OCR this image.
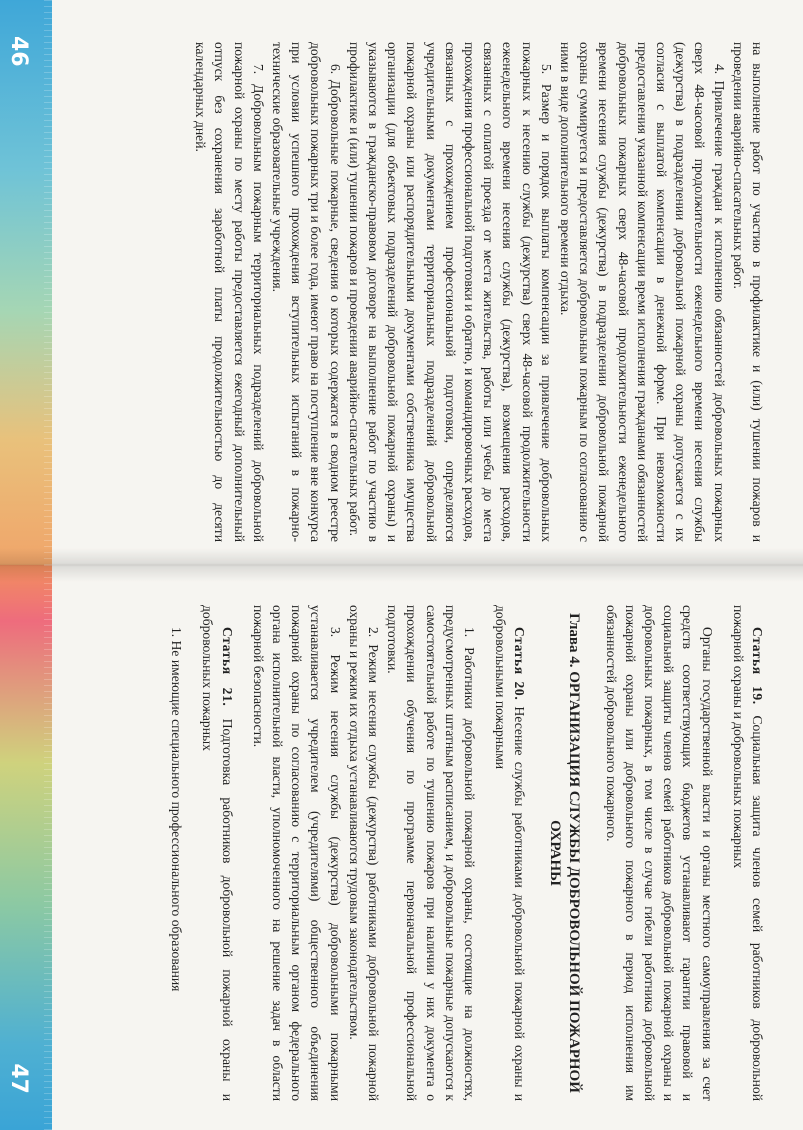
на выполнение работ по участию в профилактике и (или) тушении пожаров и проведении аварийно-спасательных работ.

4. Привлечение граждан к исполнению обязанностей добровольных пожарных сверх 48-часовой продолжительности еженедельного времени несения службы (дежурства) в подразделении добровольной пожарной охраны допускается с их согласия с выплатой компенсации в денежной форме. При невозможности предоставления указанной компенсации время исполнения гражданами обязанностей добровольных пожарных сверх 48-часовой продолжительности еженедельного времени несения службы (дежурства) в подразделении добровольной пожарной охраны суммируется и предоставляется добровольным пожарным по согласованию с ними в виде дополнительного времени отдыха.

5. Размер и порядок выплаты компенсации за привлечение добровольных пожарных к несению службы (дежурства) сверх 48-часовой продолжительности еженедельного времени несения службы (дежурства), возмещения расходов, связанных с оплатой проезда от места жительства, работы или учебы до места прохождения профессиональной подготовки и обратно, и командировочных расходов, связанных с прохождением профессиональной подготовки, определяются учредительными документами территориальных подразделений добровольной пожарной охраны или распорядительными документами собственника имущества организации (для объектовых подразделений добровольной пожарной охраны) и указываются в гражданско-правовом договоре на выполнение работ по участию в профилактике и (или) тушении пожаров и проведении аварийно-спасательных работ.

6. Добровольные пожарные, сведения о которых содержатся в сводном реестре добровольных пожарных три и более года, имеют право на поступление вне конкурса при условии успешного прохождения вступительных испытаний в пожарно-технические образовательные учреждения.

7. Добровольным пожарным территориальных подразделений добровольной пожарной охраны по месту работы предоставляется ежегодный дополнительный отпуск без сохранения заработной платы продолжительностью до десяти календарных дней.

46

Статья 19. Социальная защита членов семей работников добровольной пожарной охраны и добровольных пожарных

Органы государственной власти и органы местного самоуправления за счет средств соответствующих бюджетов устанавливают гарантии правовой и социальной защиты членов семей работников добровольной пожарной охраны и добровольных пожарных, в том числе в случае гибели работника добровольной пожарной охраны или добровольного пожарного в период исполнения им обязанностей добровольного пожарного.

Глава 4. ОРГАНИЗАЦИЯ СЛУЖБЫ ДОБРОВОЛЬНОЙ ПОЖАРНОЙ ОХРАНЫ

Статья 20. Несение службы работниками добровольной пожарной охраны и добровольными пожарными

1. Работники добровольной пожарной охраны, состоящие на должностях, предусмотренных штатным расписанием, и добровольные пожарные допускаются к самостоятельной работе по тушению пожаров при наличии у них документа о прохождении обучения по программе первоначальной профессиональной подготовки.

2. Режим несения службы (дежурства) работниками добровольной пожарной охраны и режим их отдыха устанавливаются трудовым законодательством.

3. Режим несения службы (дежурства) добровольными пожарными устанавливается учредителем (учредителями) общественного объединения пожарной охраны по согласованию с территориальным органом федерального органа исполнительной власти, уполномоченного на решение задач в области пожарной безопасности.

Статья 21. Подготовка работников добровольной пожарной охраны и добровольных пожарных

1. Не имеющие специального профессионального образования

47
